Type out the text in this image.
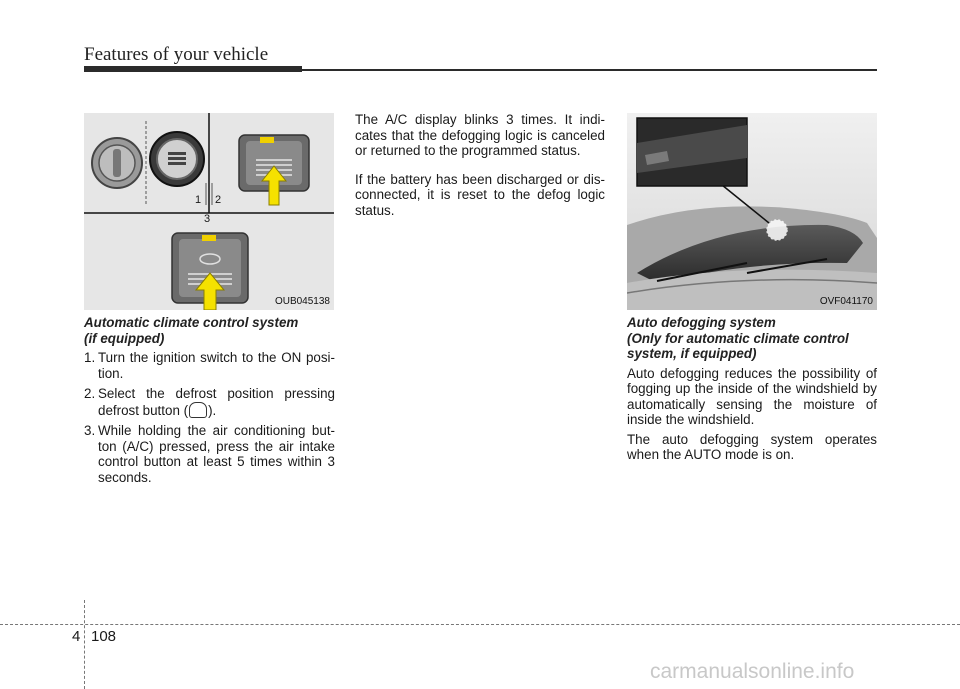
Features of your vehicle
1 2
3
OUB045138	OVF041170

Automatic climate control system

(if equipped)

1. Turn the ignition switch to the ON posi-tion.
2. Select the defrost position pressing defrost button ( ).
3. While holding the air conditioning but-ton (A/C) pressed, press the air intake control button at least 5 times within 3 seconds.

The A/C display blinks 3 times. It indi-cates that the defogging logic is canceled or returned to the programmed status.

If the battery has been discharged or dis-connected, it is reset to the defog logic status.

Auto defogging system

(Only for automatic climate control

system, if equipped)

Auto defogging reduces the possibility of fogging up the inside of the windshield by automatically sensing the moisture of inside the windshield.

The auto defogging system operates when the AUTO mode is on.

4 108
carmanualsonline.info
